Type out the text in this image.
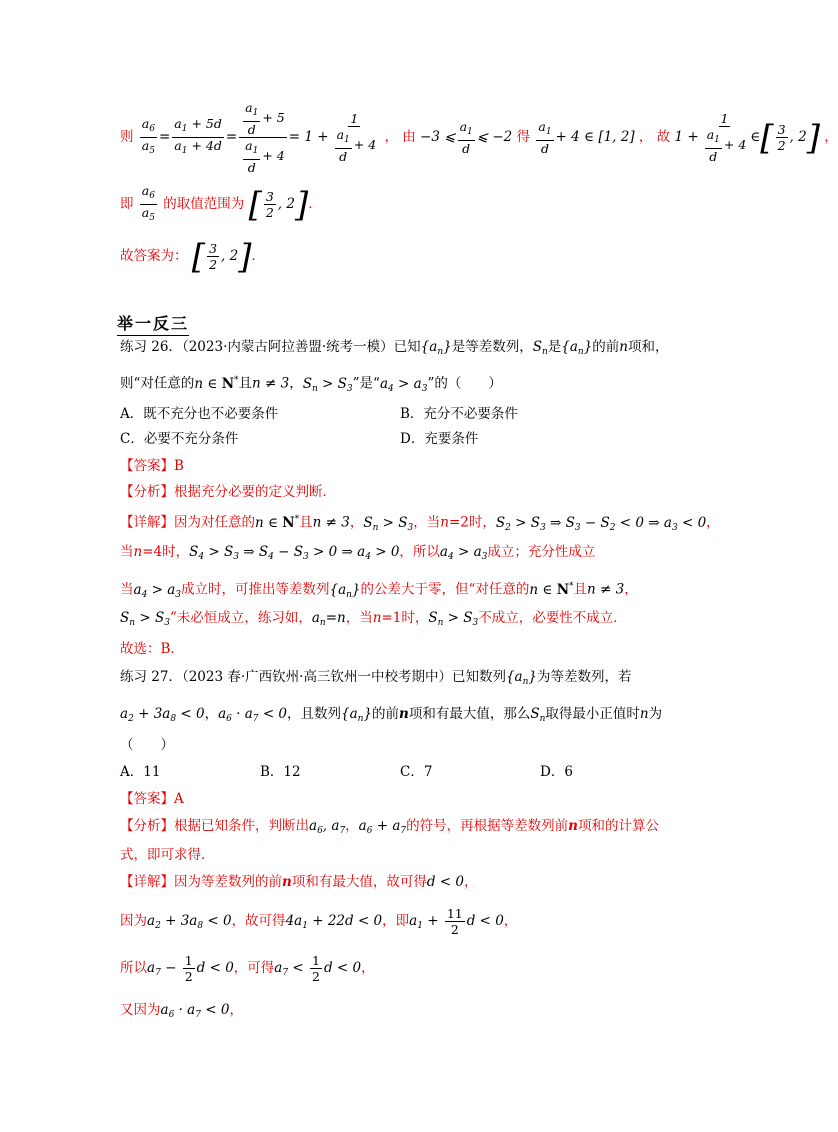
则 $\frac{a_6}{a_5} = \frac{a_1 + 5d}{a_1 + 4d} = \frac{\frac{a_1}{d} + 5}{\frac{a_1}{d} + 4} = 1 + \frac{1}{\frac{a_1}{d} + 4}$ ， 由 −3 ⩽ $\frac{a_1}{d}$ ⩽ −2 得 $\frac{a_1}{d} + 4$ ∈ [1, 2] ， 故 $1 + \frac{1}{\frac{a_1}{d} + 4}$ ∈[ $\frac{3}{2}$ , 2] ，
即 $\frac{a_6}{a_5}$ 的取值范围为 [ $\frac{3}{2}$ , 2]．
故答案为： [ $\frac{3}{2}$ , 2]．
举一反三
练习 26．（2023·内蒙古阿拉善盟·统考一模）已知$\{a_n\}$是等差数列，$S_n$是$\{a_n\}$的前n项和，
则“对任意的n ∈ N*且n ≠ 3，$S_n > S_3$”是“$a_4 > a_3$”的（　　）
A．既不充分也不必要条件	B．充分不必要条件
C．必要不充分条件	D．充要条件
【答案】B
【分析】根据充分必要的定义判断．
【详解】因为对任意的n ∈ N*且n ≠ 3，$S_n > S_3$，当n=2时，$S_2 > S_3$ ⇒ $S_3 - S_2 < 0$ ⇒ $a_3 < 0$，
当n=4时，$S_4 > S_3$ ⇒ $S_4 - S_3 > 0$ ⇒ $a_4 > 0$，所以$a_4 > a_3$成立；充分性成立
当$a_4 > a_3$成立时，可推出等差数列$\{a_n\}$的公差大于零，但“对任意的n ∈ N*且n ≠ 3，
$S_n > S_3$”未必恒成立，练习如，$a_n=n$，当n=1时，$S_n > S_3$不成立，必要性不成立．
故选：B．
练习 27．（2023 春·广西钦州·高三钦州一中校考期中）已知数列$\{a_n\}$为等差数列，若
$a_2 + 3a_8 < 0$，$a_6 \cdot a_7 < 0$，且数列$\{a_n\}$的前n项和有最大值，那么$S_n$取得最小正值时n为
（　　）
A．11	B．12	C．7	D．6
【答案】A
【分析】根据已知条件，判断出$a_6$, $a_7$，$a_6 + a_7$的符号，再根据等差数列前n项和的计算公
式，即可求得．
【详解】因为等差数列的前n项和有最大值，故可得d < 0，
因为$a_2 + 3a_8 < 0$，故可得$4a_1 + 22d < 0$，即$a_1 + \frac{11}{2}$ d < 0，
所以$a_7 - \frac{1}{2}$ d < 0，可得$a_7 < \frac{1}{2}$ d < 0，
又因为$a_6 \cdot a_7 < 0$，
